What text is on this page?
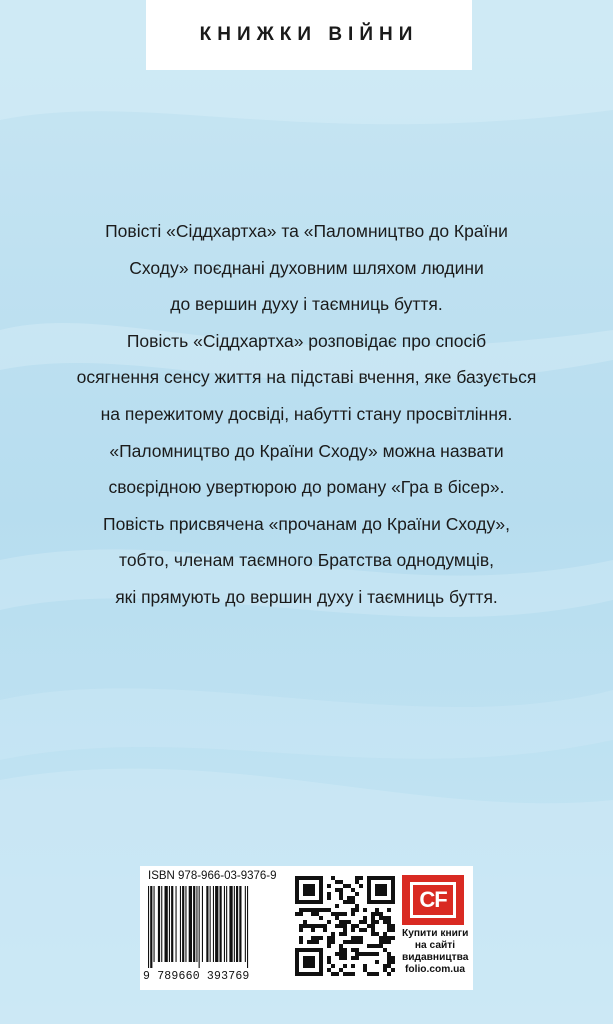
КНИЖКИ ВІЙНИ
Повісті «Сіддхартха» та «Паломництво до Країни
Сходу» поєднані духовним шляхом людини
до вершин духу і таємниць буття.
Повість «Сіддхартха» розповідає про спосіб
осягнення сенсу життя на підставі вчення, яке базується
на пережитому досвіді, набутті стану просвітління.
«Паломництво до Країни Сходу» можна назвати
своєрідною увертюрою до роману «Гра в бісер».
Повість присвячена «прочанам до Країни Сходу»,
тобто, членам таємного Братства однодумців,
які прямують до вершин духу і таємниць буття.
ISBN 978-966-03-9376-9
9 789660 393769
CF
Купити книги
на сайті
видавництва
folio.com.ua
